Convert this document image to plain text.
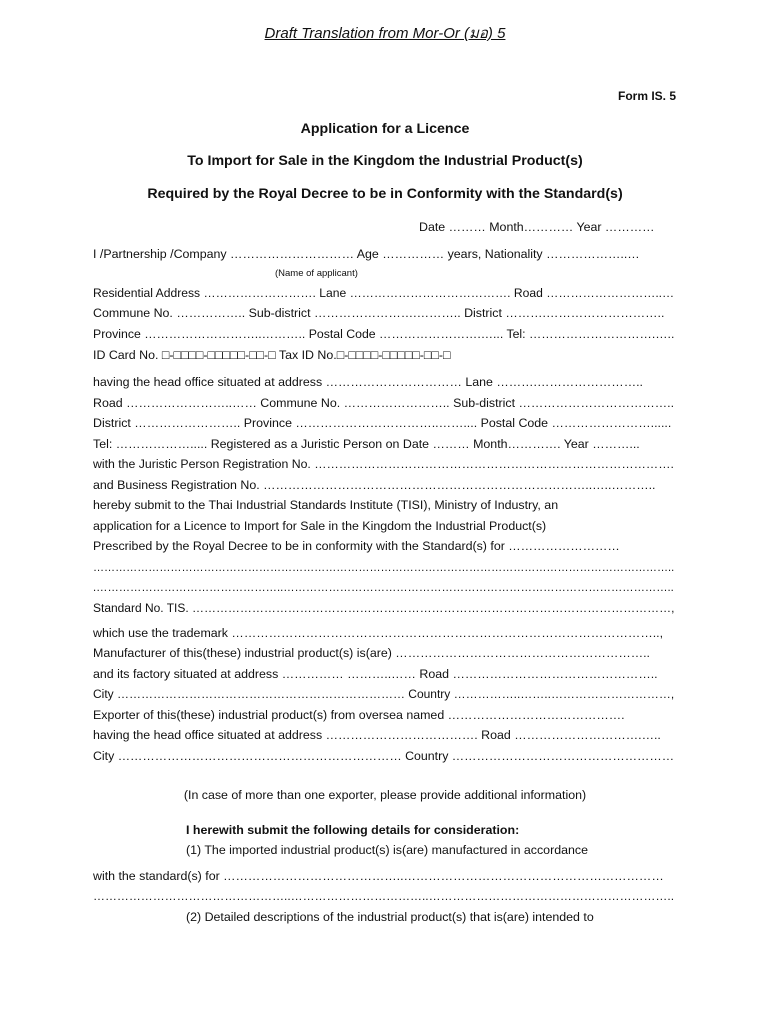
Draft Translation from Mor-Or (มอ) 5
Form IS. 5
Application for a Licence
To Import for Sale in the Kingdom the Industrial Product(s)
Required by the Royal Decree to be in Conformity with the Standard(s)
Date ……… Month………… Year …………
I /Partnership /Company ………………………… Age …………… years, Nationality ………………..…
(Name of applicant)
Residential Address ………………………. Lane …………………………………. Road ………………………..…
Commune No. …………….. Sub-district …………………….……….. District ……….………………………..
Province ………………………..……….. Postal Code …………………….…... Tel: ………………………….…..
ID Card No. □-□□□□-□□□□□-□□-□ Tax ID No.□-□□□□-□□□□□-□□-□
having the head office situated at address …………………………… Lane ……….……………………..
Road ……………………..…… Commune No. …………………….. Sub-district ………………………………..
District …………………….. Province ……………………………..…….... Postal Code ……………………......
Tel: ………………..... Registered as a Juristic Person on Date ……… Month…………. Year ………...
with the Juristic Person Registration No. …………………………………………………………………………….
and Business Registration No. ……………………………………………………………………..…..………..
hereby submit to the Thai Industrial Standards Institute (TISI), Ministry of Industry, an
application for a Licence to Import for Sale in the Kingdom the Industrial Product(s)
Prescribed by the Royal Decree to be in conformity with the Standard(s) for ………………………
…………………………………………………………………………………………………………………………………………..
.…………………………………………..…………………………………………………………………………………………..
Standard No. TIS. …………………………………………………………………………………………………………,
which use the trademark …………………………………………………………………………………………..,
Manufacturer of this(these) industrial product(s) is(are) ……………………………………………………..
and its factory situated at address …………… ………..…… Road …………………………………………..
City ……………………………………………………………… Country ……………..……..…………………………,
Exporter of this(these) industrial product(s) from oversea named …………………………………….
having the head office situated at address ………………………………. Road ………………………….…..
City …………………………………………………………… Country ………………………………………………
(In case of more than one exporter, please provide additional information)
I herewith submit the following details for consideration:
(1) The imported industrial product(s) is(are) manufactured in accordance
with the standard(s) for ……………………………………..………………………………………………………
…………………………………………..……………………………..……………………………………………………..
(2) Detailed descriptions of the industrial product(s) that is(are) intended to
